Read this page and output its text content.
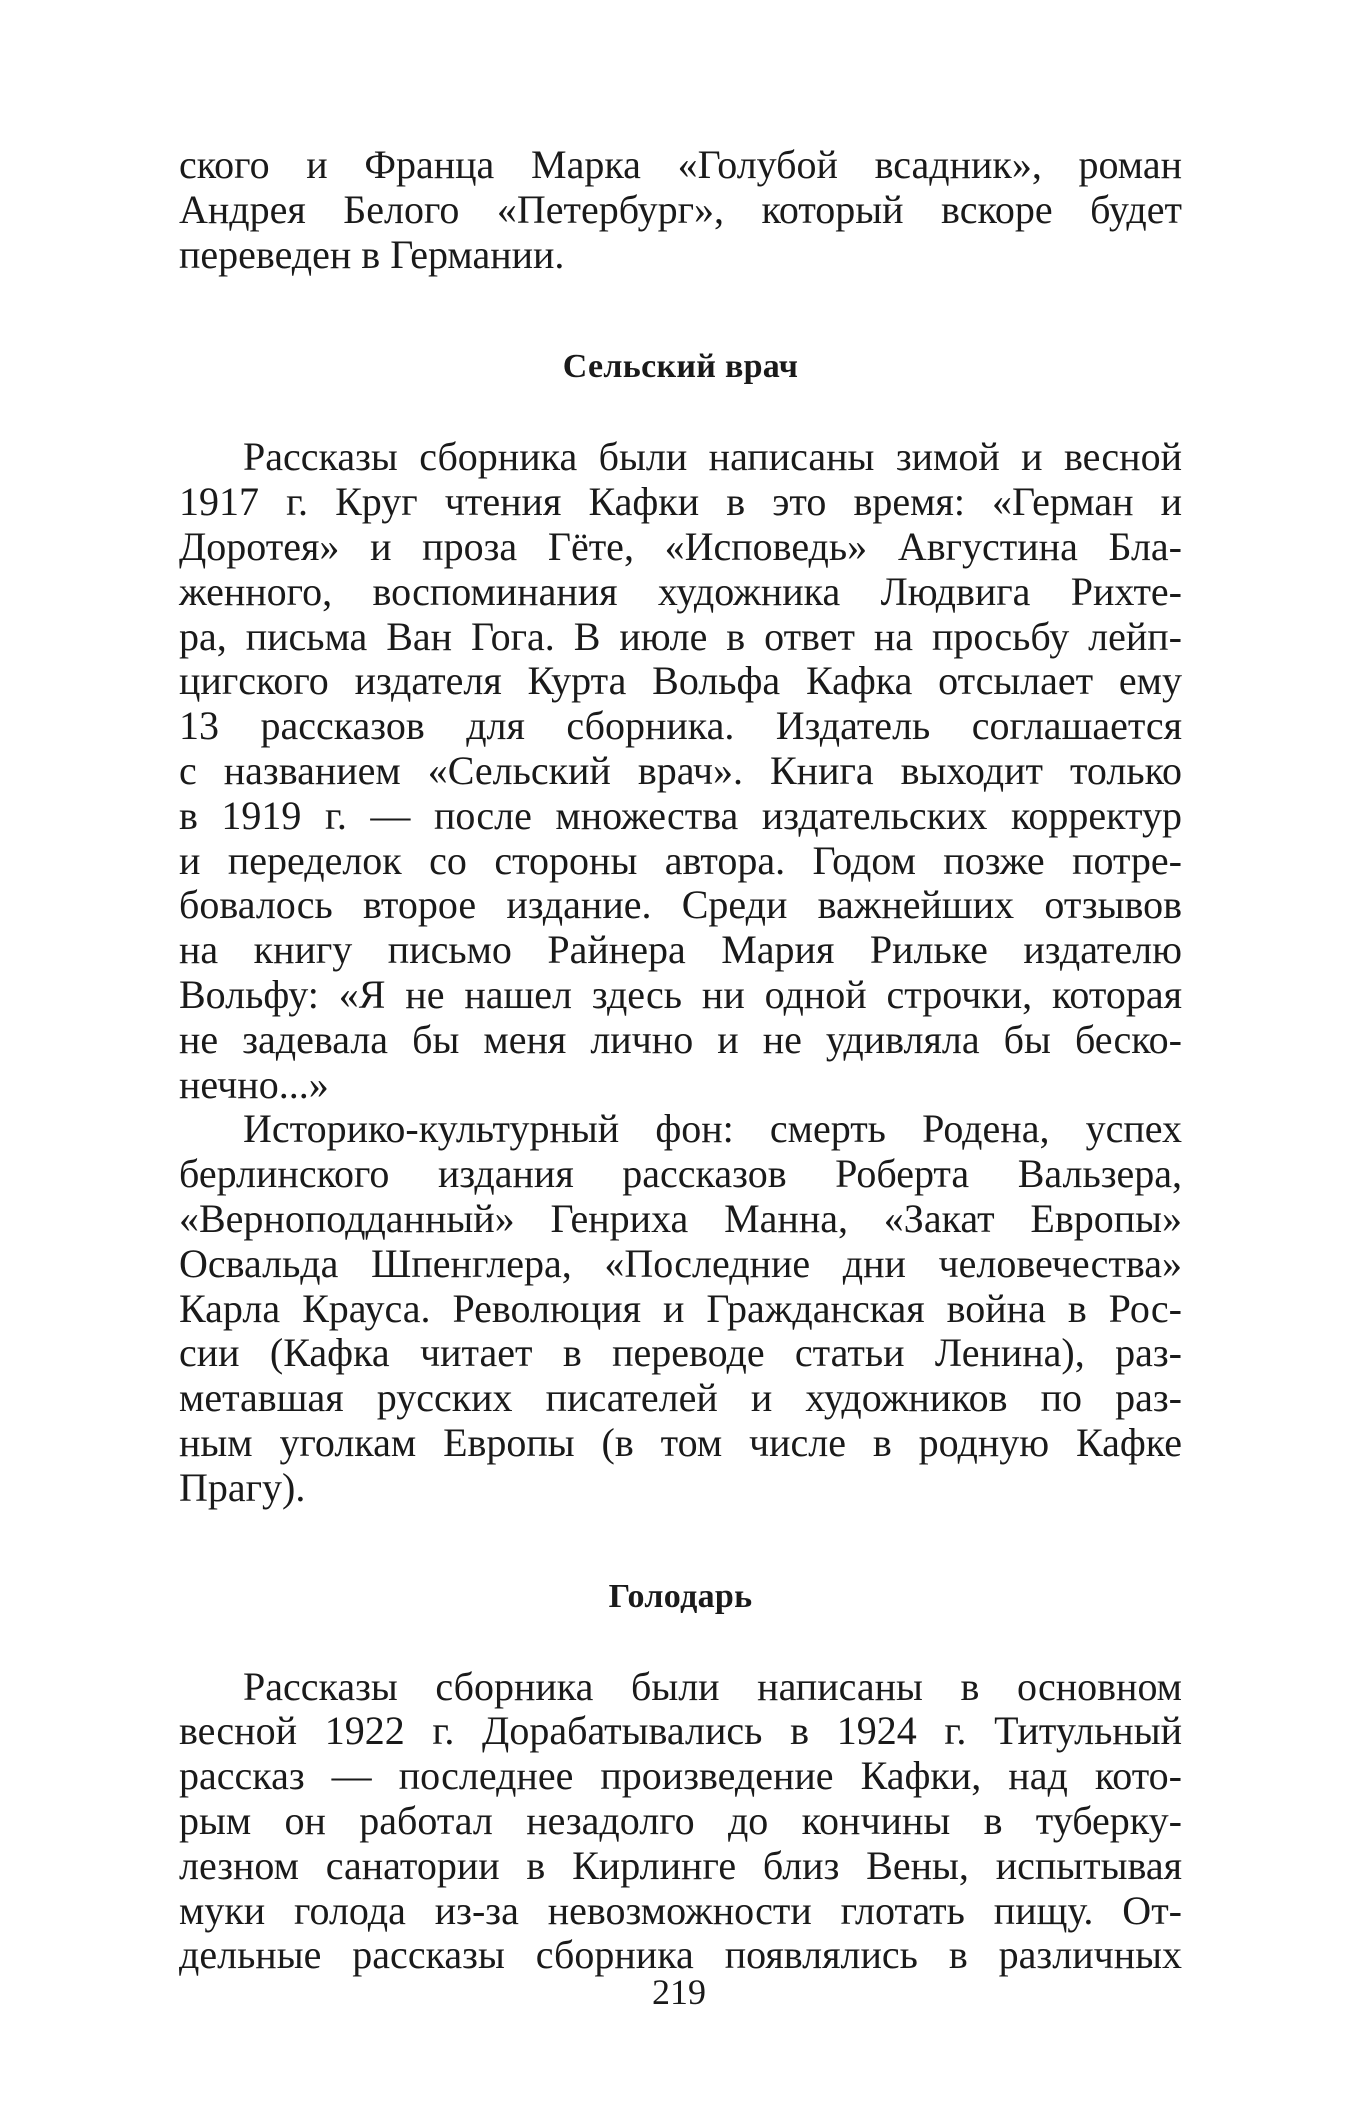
ского и Франца Марка «Голубой всадник», роман
Андрея Белого «Петербург», который вскоре будет
переведен в Германии.
Сельский врач
Рассказы сборника были написаны зимой и весной
1917 г. Круг чтения Кафки в это время: «Герман и
Доротея» и проза Гёте, «Исповедь» Августина Бла-
женного, воспоминания художника Людвига Рихте-
ра, письма Ван Гога. В июле в ответ на просьбу лейп-
цигского издателя Курта Вольфа Кафка отсылает ему
13 рассказов для сборника. Издатель соглашается
с названием «Сельский врач». Книга выходит только
в 1919 г. — после множества издательских корректур
и переделок со стороны автора. Годом позже потре-
бовалось второе издание. Среди важнейших отзывов
на книгу письмо Райнера Мария Рильке издателю
Вольфу: «Я не нашел здесь ни одной строчки, которая
не задевала бы меня лично и не удивляла бы беско-
нечно...»
Историко-культурный фон: смерть Родена, успех
берлинского издания рассказов Роберта Вальзера,
«Верноподданный» Генриха Манна, «Закат Европы»
Освальда Шпенглера, «Последние дни человечества»
Карла Крауса. Революция и Гражданская война в Рос-
сии (Кафка читает в переводе статьи Ленина), раз-
метавшая русских писателей и художников по раз-
ным уголкам Европы (в том числе в родную Кафке
Прагу).
Голодарь
Рассказы сборника были написаны в основном
весной 1922 г. Дорабатывались в 1924 г. Титульный
рассказ — последнее произведение Кафки, над кото-
рым он работал незадолго до кончины в туберку-
лезном санатории в Кирлинге близ Вены, испытывая
муки голода из-за невозможности глотать пищу. От-
дельные рассказы сборника появлялись в различных
219
